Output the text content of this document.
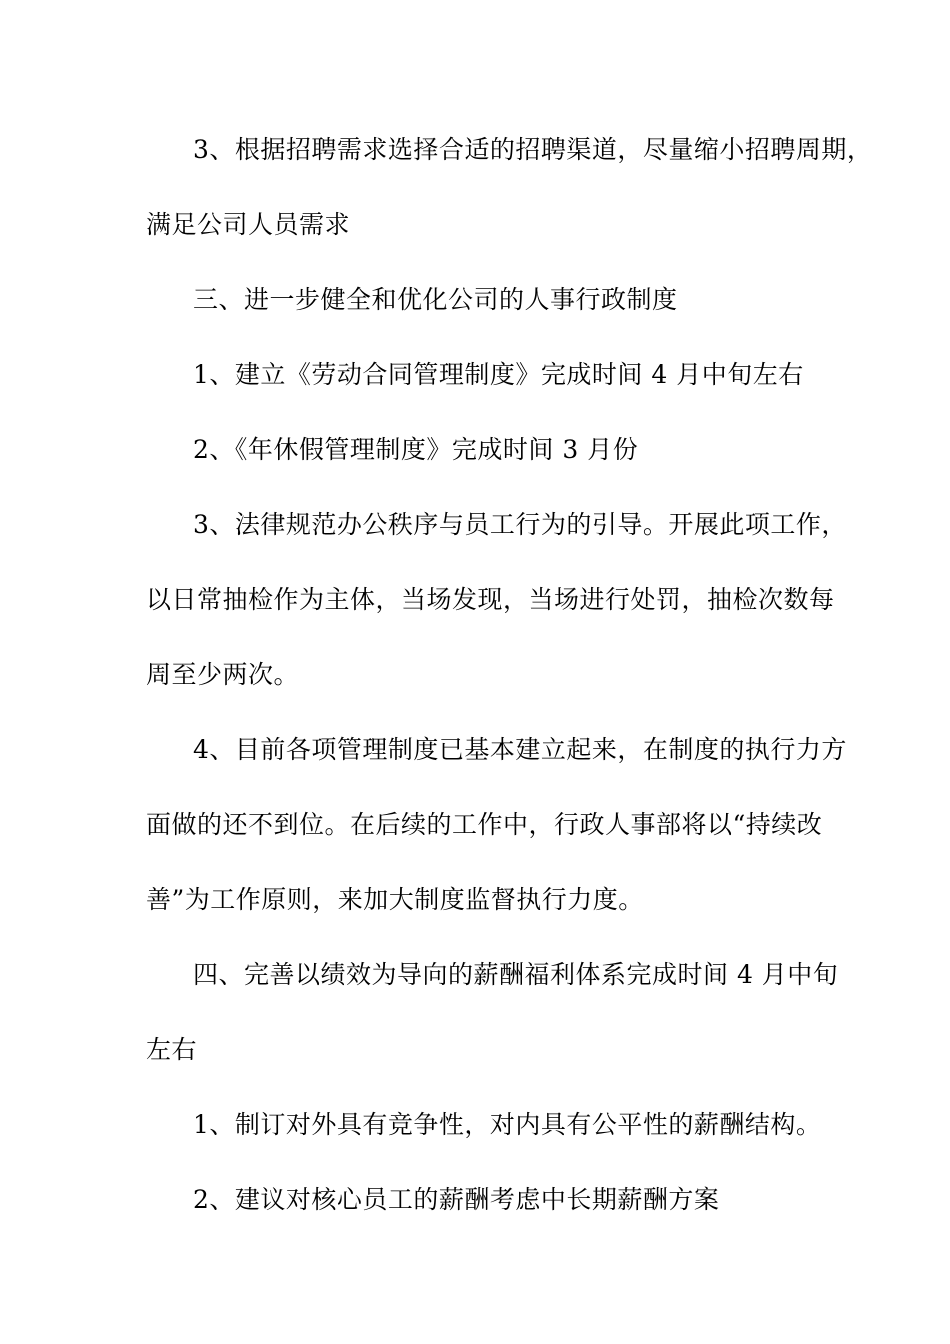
3、根据招聘需求选择合适的招聘渠道，尽量缩小招聘周期，
满足公司人员需求
三、进一步健全和优化公司的人事行政制度
1、建立《劳动合同管理制度》完成时间 4 月中旬左右
2、《年休假管理制度》完成时间 3 月份
3、法律规范办公秩序与员工行为的引导。开展此项工作，
以日常抽检作为主体，当场发现，当场进行处罚，抽检次数每
周至少两次。
4、目前各项管理制度已基本建立起来，在制度的执行力方
面做的还不到位。在后续的工作中，行政人事部将以“持续改
善”为工作原则，来加大制度监督执行力度。
四、完善以绩效为导向的薪酬福利体系完成时间 4 月中旬
左右
1、制订对外具有竞争性，对内具有公平性的薪酬结构。
2、建议对核心员工的薪酬考虑中长期薪酬方案
